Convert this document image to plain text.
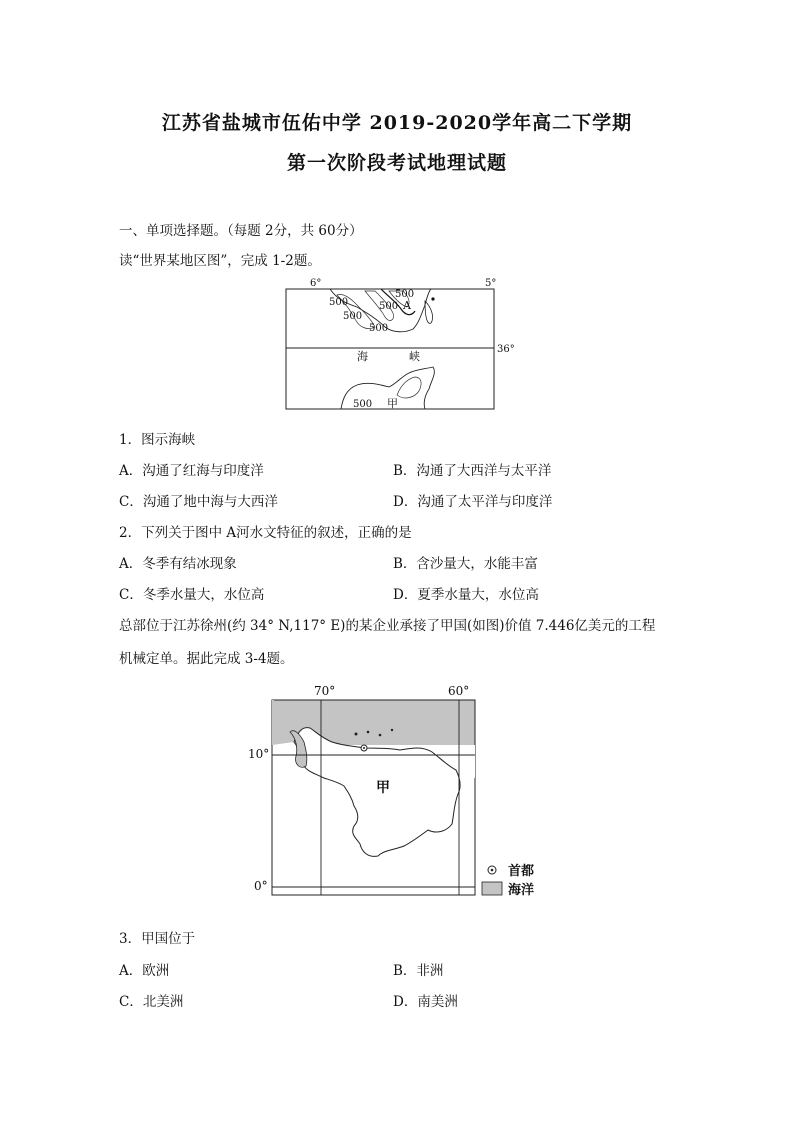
江苏省盐城市伍佑中学 2019-2020学年高二下学期
第一次阶段考试地理试题
一、单项选择题。（每题 2分，共 60分）
读“世界某地区图”，完成 1-2题。
6°	5°
36°
500
500
500
500
500
500
A
海	峡
甲
1．图示海峡
A．沟通了红海与印度洋	B．沟通了大西洋与太平洋
C．沟通了地中海与大西洋	D．沟通了太平洋与印度洋
2．下列关于图中 A河水文特征的叙述，正确的是
A．冬季有结冰现象	B．含沙量大，水能丰富
C．冬季水量大，水位高	D．夏季水量大，水位高
总部位于江苏徐州(约 34° N,117° E)的某企业承接了甲国(如图)价值 7.446亿美元的工程
机械定单。据此完成 3-4题。
70°	60°
10°
0°
甲
首都
海洋
3．甲国位于
A．欧洲	B．非洲
C．北美洲	D．南美洲
